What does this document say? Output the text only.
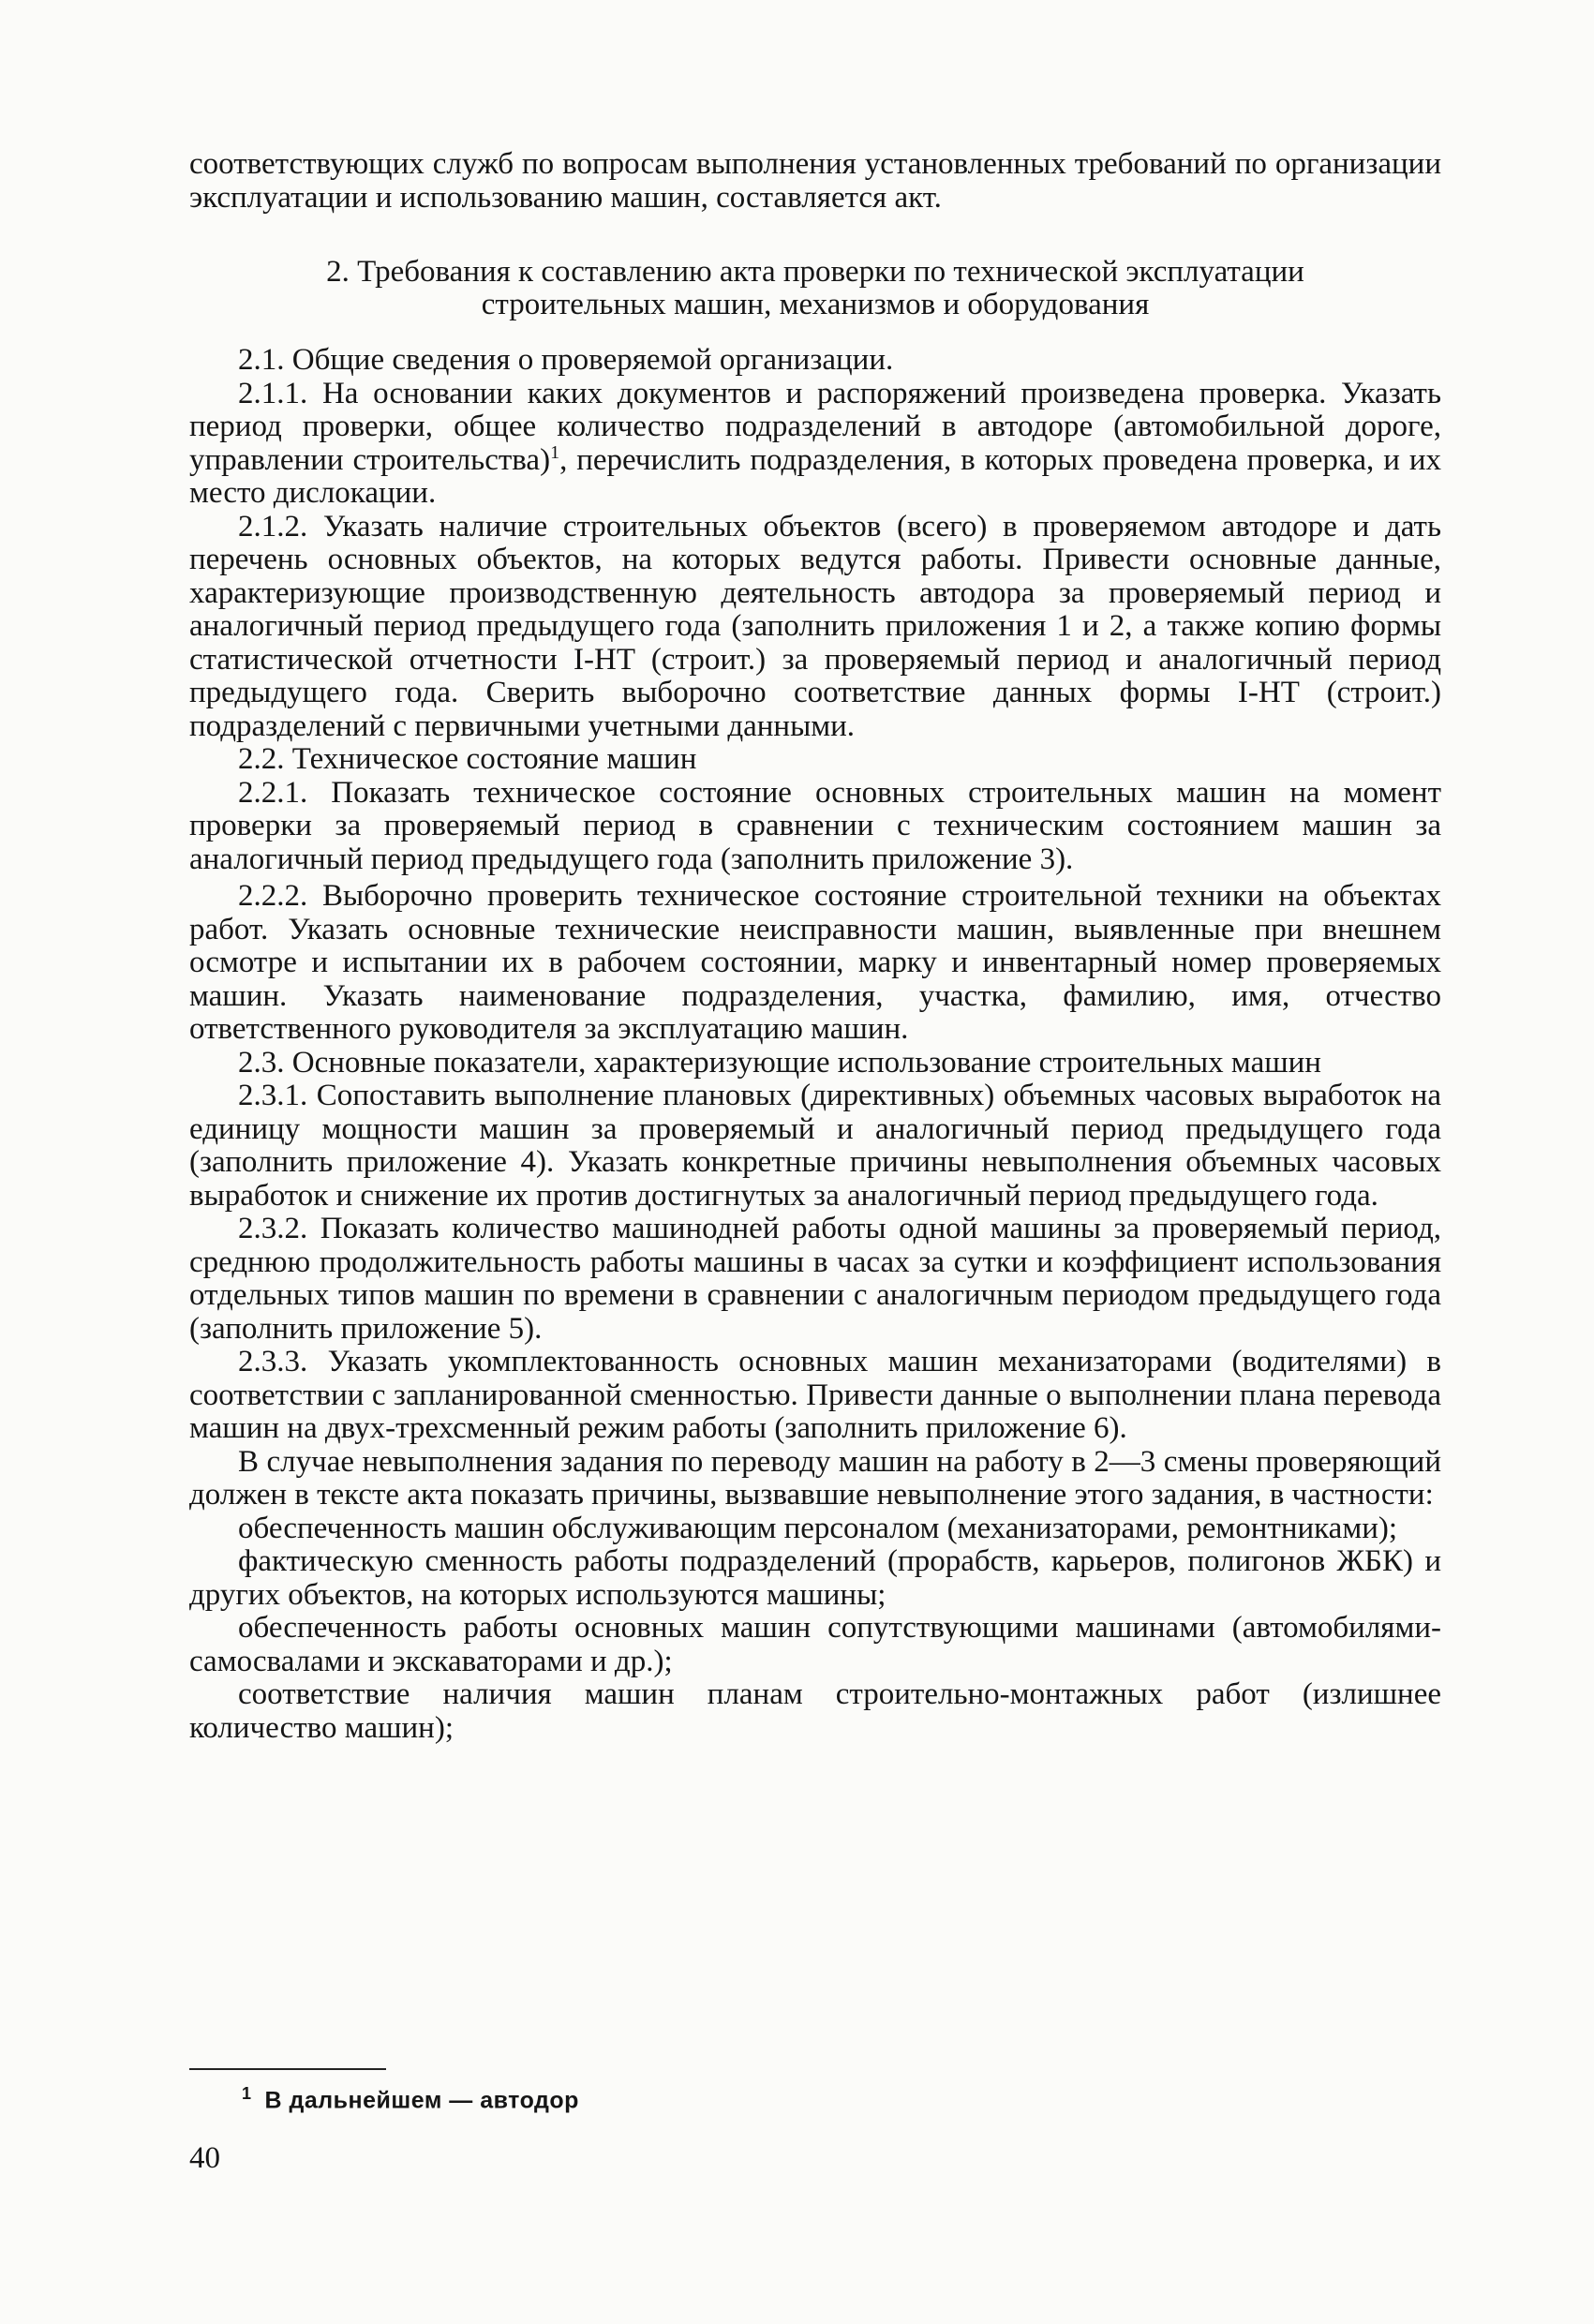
соответствующих служб по вопросам выполнения установленных требований по организации эксплуатации и использованию машин, составляется акт.

2. Требования к составлению акта проверки по технической эксплуатации
строительных машин, механизмов и оборудования

2.1. Общие сведения о проверяемой организации.

2.1.1. На основании каких документов и распоряжений произведена проверка. Указать период проверки, общее количество подразделений в автодоре (автомобильной дороге, управлении строительства)$^1$, перечислить подразделения, в которых проведена проверка, и их место дислокации.

2.1.2. Указать наличие строительных объектов (всего) в проверяемом автодоре и дать перечень основных объектов, на которых ведутся работы. Привести основные данные, характеризующие производственную деятельность автодора за проверяемый период и аналогичный период предыдущего года (заполнить приложения 1 и 2, а также копию формы статистической отчетности I-HT (строит.) за проверяемый период и аналогичный период предыдущего года. Сверить выборочно соответствие данных формы I-HT (строит.) подразделений с первичными учетными данными.

2.2. Техническое состояние машин

2.2.1. Показать техническое состояние основных строительных машин на момент проверки за проверяемый период в сравнении с техническим состоянием машин за аналогичный период предыдущего года (заполнить приложение 3).

2.2.2. Выборочно проверить техническое состояние строительной техники на объектах работ. Указать основные технические неисправности машин, выявленные при внешнем осмотре и испытании их в рабочем состоянии, марку и инвентарный номер проверяемых машин. Указать наименование подразделения, участка, фамилию, имя, отчество ответственного руководителя за эксплуатацию машин.

2.3. Основные показатели, характеризующие использование строительных машин

2.3.1. Сопоставить выполнение плановых (директивных) объемных часовых выработок на единицу мощности машин за проверяемый и аналогичный период предыдущего года (заполнить приложение 4). Указать конкретные причины невыполнения объемных часовых выработок и снижение их против достигнутых за аналогичный период предыдущего года.

2.3.2. Показать количество машинодней работы одной машины за проверяемый период, среднюю продолжительность работы машины в часах за сутки и коэффициент использования отдельных типов машин по времени в сравнении с аналогичным периодом предыдущего года (заполнить приложение 5).

2.3.3. Указать укомплектованность основных машин механизаторами (водителями) в соответствии с запланированной сменностью. Привести данные о выполнении плана перевода машин на двух-трехсменный режим работы (заполнить приложение 6).

В случае невыполнения задания по переводу машин на работу в 2—3 смены проверяющий должен в тексте акта показать причины, вызвавшие невыполнение этого задания, в частности:

обеспеченность машин обслуживающим персоналом (механизаторами, ремонтниками);

фактическую сменность работы подразделений (прорабств, карьеров, полигонов ЖБК) и других объектов, на которых используются машины;

обеспеченность работы основных машин сопутствующими машинами (автомобилями-самосвалами и экскаваторами и др.);

соответствие наличия машин планам строительно-монтажных работ (излишнее количество машин);

$^1$ В дальнейшем — автодор
40
